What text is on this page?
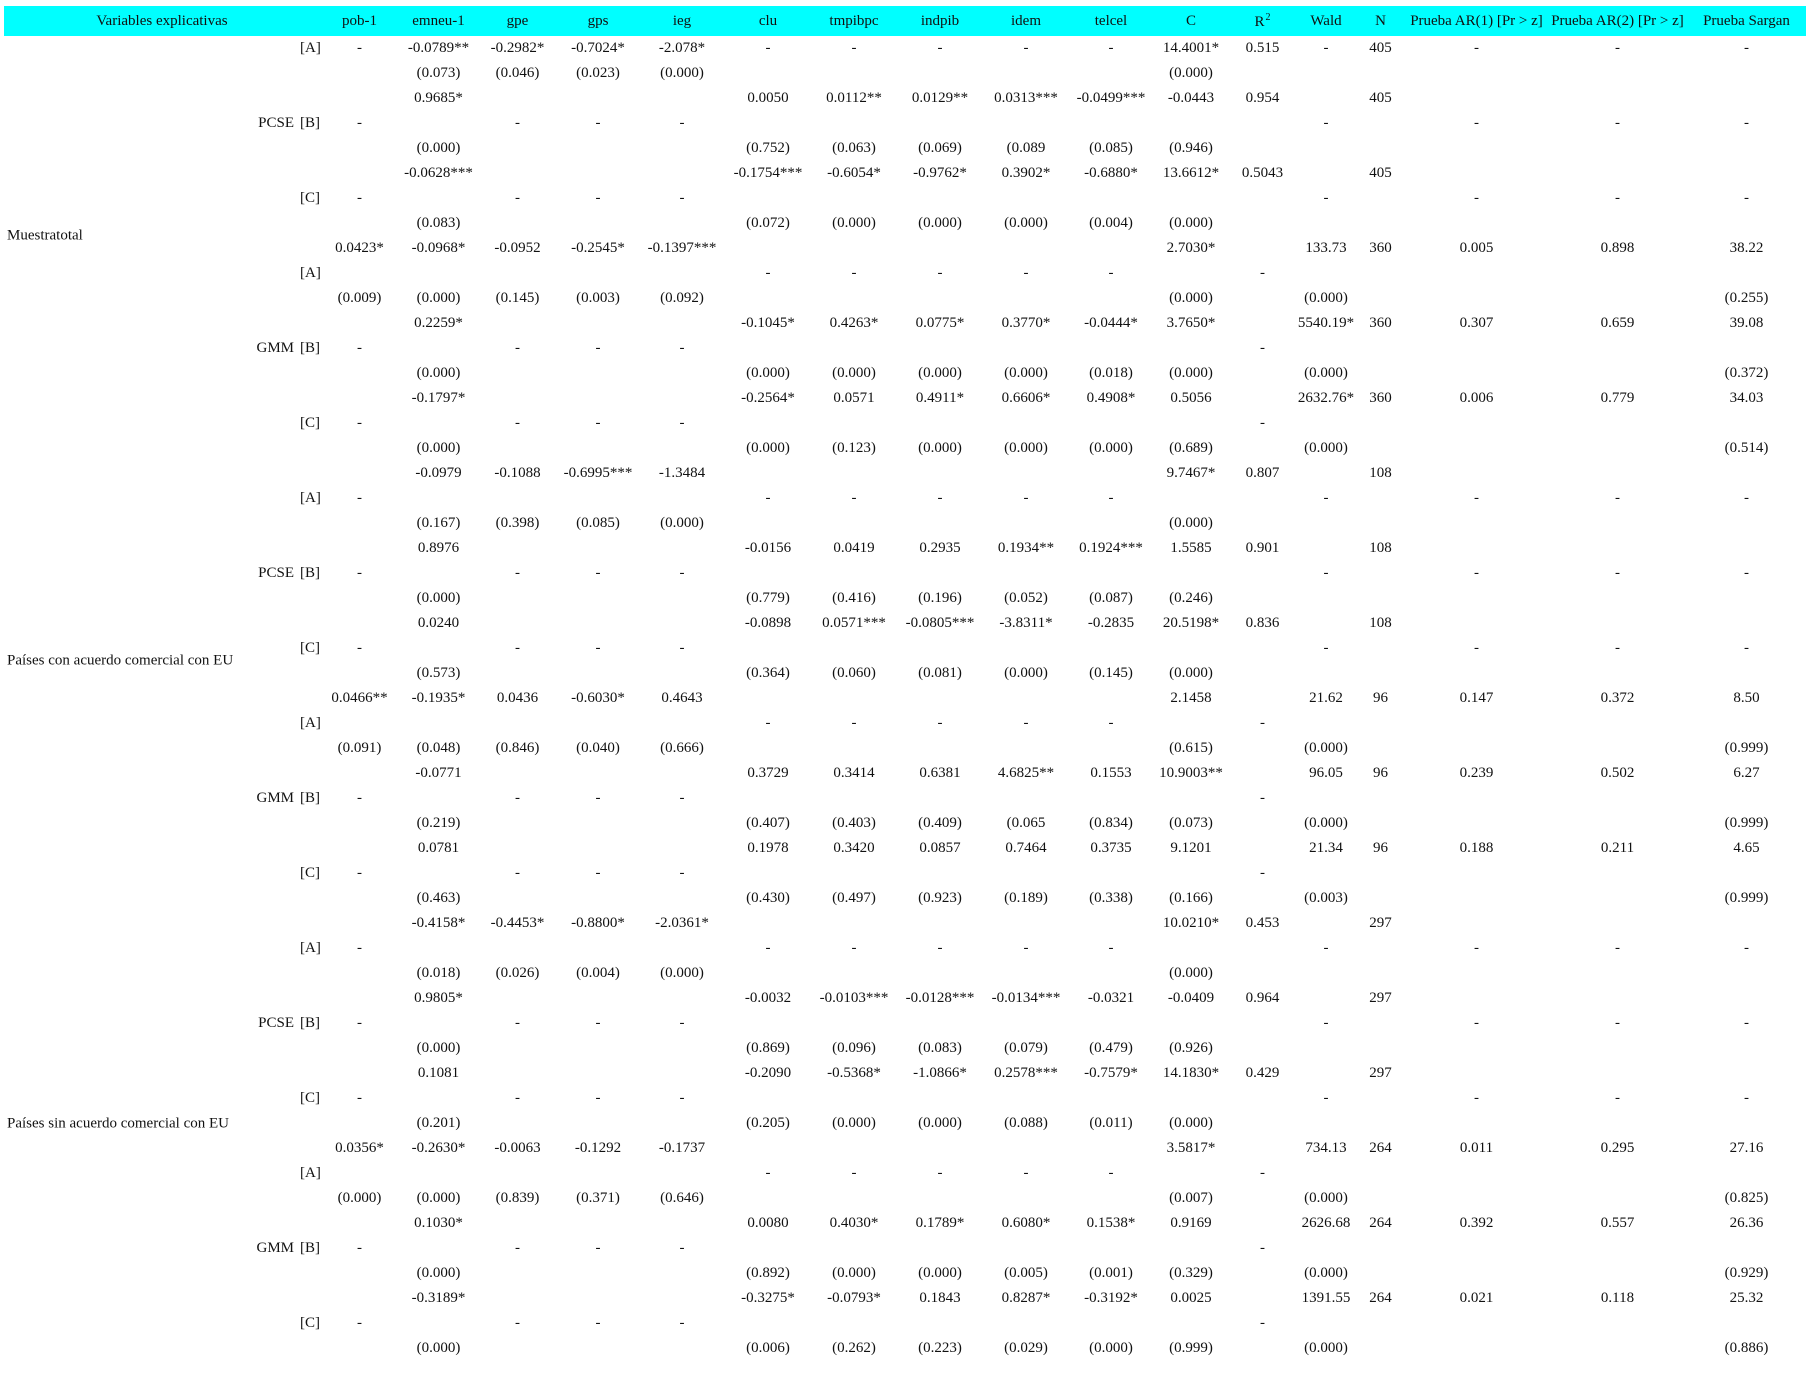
Variables explicativas	pob-1	emneu-1	gpe	gps	ieg	clu	tmpibpc	indpib	idem	telcel	C	$R^2$	Wald	N	Prueba AR(1) [Pr > z]	Prueba AR(2) [Pr > z]	Prueba Sargan
[A]	-	-0.0789**	-0.2982*	-0.7024*	-2.078*	-	-	-	-	-	14.4001*	0.515	-	405	-	-	-
		(0.073)	(0.046)	(0.023)	(0.000)						(0.000)						
		0.9685*				0.0050	0.0112**	0.0129**	0.0313***	-0.0499***	-0.0443	0.954		405			
PCSE [B]	-		-	-	-								-		-	-	-
		(0.000)				(0.752)	(0.063)	(0.069)	(0.089	(0.085)	(0.946)						
		-0.0628***				-0.1754***	-0.6054*	-0.9762*	0.3902*	-0.6880*	13.6612*	0.5043		405			
[C]	-		-	-	-								-		-	-	-
		(0.083)				(0.072)	(0.000)	(0.000)	(0.000)	(0.004)	(0.000)						

Muestratotal	0.0423*	-0.0968*	-0.0952	-0.2545*	-0.1397***						2.7030*		133.73	360	0.005	0.898	38.22
[A]						-	-	-	-	-		-					
	(0.009)	(0.000)	(0.145)	(0.003)	(0.092)						(0.000)		(0.000)				(0.255)
		0.2259*				-0.1045*	0.4263*	0.0775*	0.3770*	-0.0444*	3.7650*		5540.19*	360	0.307	0.659	39.08
GMM [B]	-		-	-	-							-					
		(0.000)				(0.000)	(0.000)	(0.000)	(0.000)	(0.018)	(0.000)		(0.000)				(0.372)
		-0.1797*				-0.2564*	0.0571	0.4911*	0.6606*	0.4908*	0.5056		2632.76*	360	0.006	0.779	34.03
[C]	-		-	-	-							-					
		(0.000)				(0.000)	(0.123)	(0.000)	(0.000)	(0.000)	(0.689)		(0.000)				(0.514)
		-0.0979	-0.1088	-0.6995***	-1.3484						9.7467*	0.807		108			
[A]	-					-	-	-	-	-			-		-	-	-
		(0.167)	(0.398)	(0.085)	(0.000)						(0.000)						
		0.8976				-0.0156	0.0419	0.2935	0.1934**	0.1924***	1.5585	0.901		108			
PCSE [B]	-		-	-	-								-		-	-	-
		(0.000)				(0.779)	(0.416)	(0.196)	(0.052)	(0.087)	(0.246)						
		0.0240				-0.0898	0.0571***	-0.0805***	-3.8311*	-0.2835	20.5198*	0.836		108			
[C]	-		-	-	-								-		-	-	-

Países con acuerdo comercial con EU		(0.573)				(0.364)	(0.060)	(0.081)	(0.000)	(0.145)	(0.000)						
	0.0466**	-0.1935*	0.0436	-0.6030*	0.4643						2.1458		21.62	96	0.147	0.372	8.50
[A]						-	-	-	-	-		-					
	(0.091)	(0.048)	(0.846)	(0.040)	(0.666)						(0.615)		(0.000)				(0.999)
		-0.0771				0.3729	0.3414	0.6381	4.6825**	0.1553	10.9003**		96.05	96	0.239	0.502	6.27
GMM [B]	-		-	-	-							-					
		(0.219)				(0.407)	(0.403)	(0.409)	(0.065	(0.834)	(0.073)		(0.000)				(0.999)
		0.0781				0.1978	0.3420	0.0857	0.7464	0.3735	9.1201		21.34	96	0.188	0.211	4.65
[C]	-		-	-	-							-					
		(0.463)				(0.430)	(0.497)	(0.923)	(0.189)	(0.338)	(0.166)		(0.003)				(0.999)
		-0.4158*	-0.4453*	-0.8800*	-2.0361*						10.0210*	0.453		297			
[A]	-					-	-	-	-	-			-		-	-	-
		(0.018)	(0.026)	(0.004)	(0.000)						(0.000)						
		0.9805*				-0.0032	-0.0103***	-0.0128***	-0.0134***	-0.0321	-0.0409	0.964		297			
PCSE [B]	-		-	-	-								-		-	-	-
		(0.000)				(0.869)	(0.096)	(0.083)	(0.079)	(0.479)	(0.926)						
		0.1081				-0.2090	-0.5368*	-1.0866*	0.2578***	-0.7579*	14.1830*	0.429		297			
[C]	-		-	-	-								-		-	-	-

Países sin acuerdo comercial con EU		(0.201)				(0.205)	(0.000)	(0.000)	(0.088)	(0.011)	(0.000)						
	0.0356*	-0.2630*	-0.0063	-0.1292	-0.1737						3.5817*		734.13	264	0.011	0.295	27.16
[A]						-	-	-	-	-		-					
	(0.000)	(0.000)	(0.839)	(0.371)	(0.646)						(0.007)		(0.000)				(0.825)
		0.1030*				0.0080	0.4030*	0.1789*	0.6080*	0.1538*	0.9169		2626.68	264	0.392	0.557	26.36
GMM [B]	-		-	-	-							-					
		(0.000)				(0.892)	(0.000)	(0.000)	(0.005)	(0.001)	(0.329)		(0.000)				(0.929)
		-0.3189*				-0.3275*	-0.0793*	0.1843	0.8287*	-0.3192*	0.0025		1391.55	264	0.021	0.118	25.32
[C]	-		-	-	-							-					
		(0.000)				(0.006)	(0.262)	(0.223)	(0.029)	(0.000)	(0.999)		(0.000)				(0.886)
